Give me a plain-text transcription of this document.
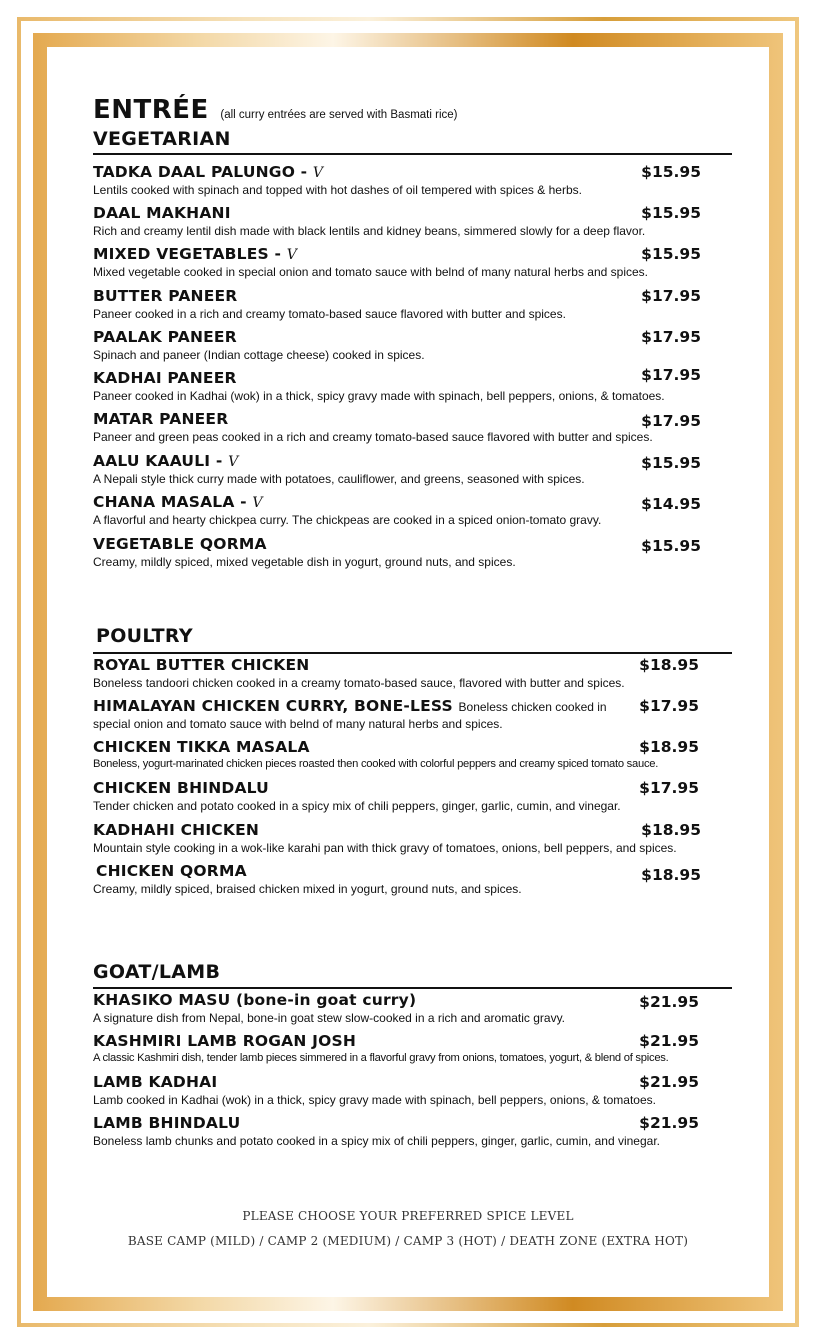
ENTRÉE (all curry entrées are served with Basmati rice)
VEGETARIAN
TADKA DAAL PALUNGO - V	$15.95
Lentils cooked with spinach and topped with hot dashes of oil tempered with spices & herbs.
DAAL MAKHANI	$15.95
Rich and creamy lentil dish made with black lentils and kidney beans, simmered slowly for a deep flavor.
MIXED VEGETABLES - V	$15.95
Mixed vegetable cooked in special onion and tomato sauce with belnd of many natural herbs and spices.
BUTTER PANEER	$17.95
Paneer cooked in a rich and creamy tomato-based sauce flavored with butter and spices.
PAALAK PANEER	$17.95
Spinach and paneer (Indian cottage cheese) cooked in spices.
KADHAI PANEER	$17.95
Paneer cooked in Kadhai (wok) in a thick, spicy gravy made with spinach, bell peppers, onions, & tomatoes.
MATAR PANEER	$17.95
Paneer and green peas cooked in a rich and creamy tomato-based sauce flavored with butter and spices.
AALU KAAULI - V	$15.95
A Nepali style thick curry made with potatoes, cauliflower, and greens, seasoned with spices.
CHANA MASALA - V	$14.95
A flavorful and hearty chickpea curry. The chickpeas are cooked in a spiced onion-tomato gravy.
VEGETABLE QORMA	$15.95
Creamy, mildly spiced, mixed vegetable dish in yogurt, ground nuts, and spices.
POULTRY
ROYAL BUTTER CHICKEN	$18.95
Boneless tandoori chicken cooked in a creamy tomato-based sauce, flavored with butter and spices.
HIMALAYAN CHICKEN CURRY, BONE-LESS Boneless chicken cooked in $17.95
special onion and tomato sauce with belnd of many natural herbs and spices.
CHICKEN TIKKA MASALA	$18.95
Boneless, yogurt-marinated chicken pieces roasted then cooked with colorful peppers and creamy spiced tomato sauce.
CHICKEN BHINDALU	$17.95
Tender chicken and potato cooked in a spicy mix of chili peppers, ginger, garlic, cumin, and vinegar.
KADHAHI CHICKEN	$18.95
Mountain style cooking in a wok-like karahi pan with thick gravy of tomatoes, onions, bell peppers, and spices.
CHICKEN QORMA	$18.95
Creamy, mildly spiced, braised chicken mixed in yogurt, ground nuts, and spices.
GOAT/LAMB
KHASIKO MASU (bone-in goat curry)	$21.95
A signature dish from Nepal, bone-in goat stew slow-cooked in a rich and aromatic gravy.
KASHMIRI LAMB ROGAN JOSH	$21.95
A classic Kashmiri dish, tender lamb pieces simmered in a flavorful gravy from onions, tomatoes, yogurt, & blend of spices.
LAMB KADHAI	$21.95
Lamb cooked in Kadhai (wok) in a thick, spicy gravy made with spinach, bell peppers, onions, & tomatoes.
LAMB BHINDALU	$21.95
Boneless lamb chunks and potato cooked in a spicy mix of chili peppers, ginger, garlic, cumin, and vinegar.
PLEASE CHOOSE YOUR PREFERRED SPICE LEVEL
BASE CAMP (MILD) / CAMP 2 (MEDIUM) / CAMP 3 (HOT) / DEATH ZONE (EXTRA HOT)
